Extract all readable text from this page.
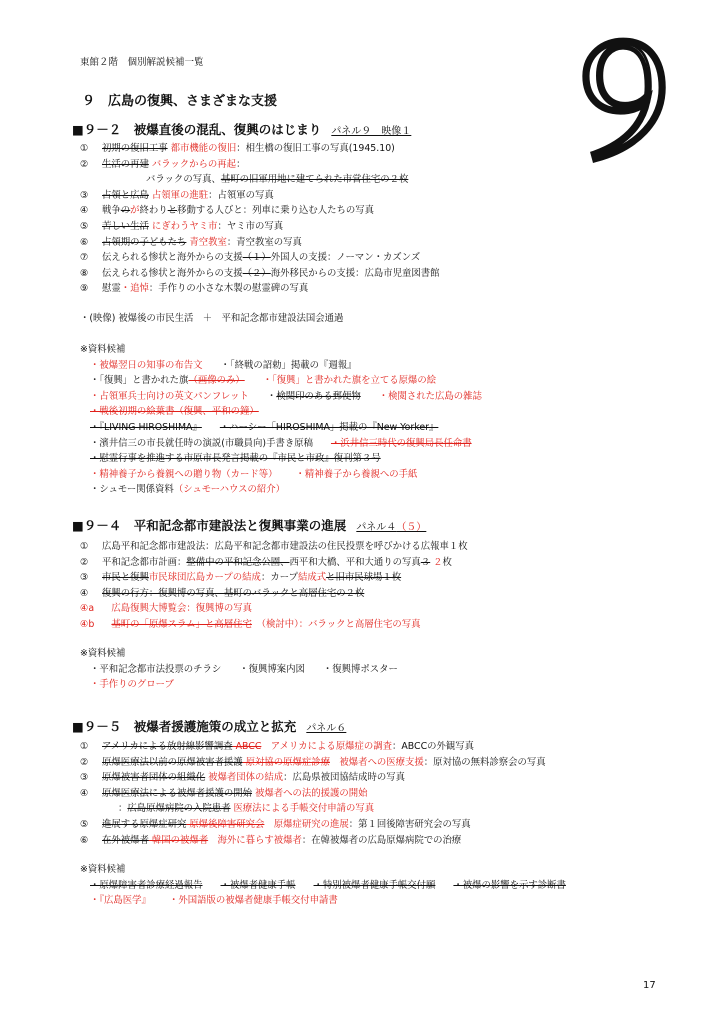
東館２階　個別解説候補一覧 ９
９　広島の復興、さまざまな支援
■９－２　被爆直後の混乱、復興のはじまり パネル９　映像１
① 初期の復旧工事 都市機能の復旧：相生橋の復旧工事の写真(1945.10)
② 生活の再建 バラックからの再起：
バラックの写真、基町の旧軍用地に建てられた市営住宅の２枚
③ 占領と広島 占領軍の進駐：占領軍の写真
④ 戦争のが終わりと移動する人びと：列車に乗り込む人たちの写真
⑤ 苦しい生活 にぎわうヤミ市：ヤミ市の写真
⑥ 占領期の子どもたち 青空教室：青空教室の写真
⑦ 伝えられる惨状と海外からの支援（１）外国人の支援：ノーマン・カズンズ
⑧ 伝えられる惨状と海外からの支援（２）海外移民からの支援：広島市児童図書館
⑨ 慰霊・追悼：手作りの小さな木製の慰霊碑の写真
・(映像) 被爆後の市民生活　＋　平和記念都市建設法国会通過
※資料候補
・被爆翌日の知事の布告文 ・「終戦の詔勅」掲載の『週報』
・「復興」と書かれた旗（画像のみ） ・「復興」と書かれた旗を立てる原爆の絵
・占領軍兵士向けの英文パンフレット ・検閲印のある郵便物 ・検閲された広島の雑誌
・戦後初期の絵葉書（復興、平和の鐘）
・『LIVING HIROSHIMA』 ・ハーシー「HIROSHIMA」掲載の『New Yorker』
・濱井信三の市長就任時の演説(市職員向)手書き原稿 ・浜井信三時代の復興局長任命書
・慰霊行事を推進する市原市長発言掲載の『市民と市政』復刊第３号
・精神養子から養親への贈り物（カード等） ・精神養子から養親への手紙
・シュモー関係資料（シュモーハウスの紹介）
■９－４　平和記念都市建設法と復興事業の進展 パネル４（５）
① 広島平和記念都市建設法：広島平和記念都市建設法の住民投票を呼びかける広報車１枚
② 平和記念都市計画：整備中の平和記念公園、西平和大橋、平和大通りの写真３ ２枚
③ 市民と復興市民球団広島カープの結成：カープ結成式と旧市民球場１枚
④ 復興の行方：復興博の写真、基町のバラックと高層住宅の２枚
④a　広島復興大博覧会：復興博の写真
④b　 基町の「原爆スラム」と高層住宅　（検討中）：バラックと高層住宅の写真
※資料候補
・平和記念都市法投票のチラシ ・復興博案内図 ・復興博ポスター
・手作りのグローブ
■９－５　被爆者援護施策の成立と拡充 パネル６
① アメリカによる放射線影響調査 ABCC　アメリカによる原爆症の調査：ABCCの外観写真
② 原爆医療法以前の原爆被害者援護 原対協の原爆症診療　被爆者への医療支援：原対協の無料診察会の写真
③ 原爆被害者団体の組織化 被爆者団体の結成：広島県被団協結成時の写真
④ 原爆医療法による被爆者援護の開始 被爆者への法的援護の開始
：広島原爆病院の入院患者 医療法による手帳交付申請の写真
⑤ 進展する原爆症研究 原爆後障害研究会　原爆症研究の進展：第１回後障害研究会の写真
⑥ 在外被爆者 韓国の被爆者　海外に暮らす被爆者：在韓被爆者の広島原爆病院での治療
※資料候補
・原爆障害者診療経過報告 ・被爆者健康手帳 ・特別被爆者健康手帳交付願 ・被爆の影響を示す診断書
・『広島医学』 ・外国語版の被爆者健康手帳交付申請書
17
